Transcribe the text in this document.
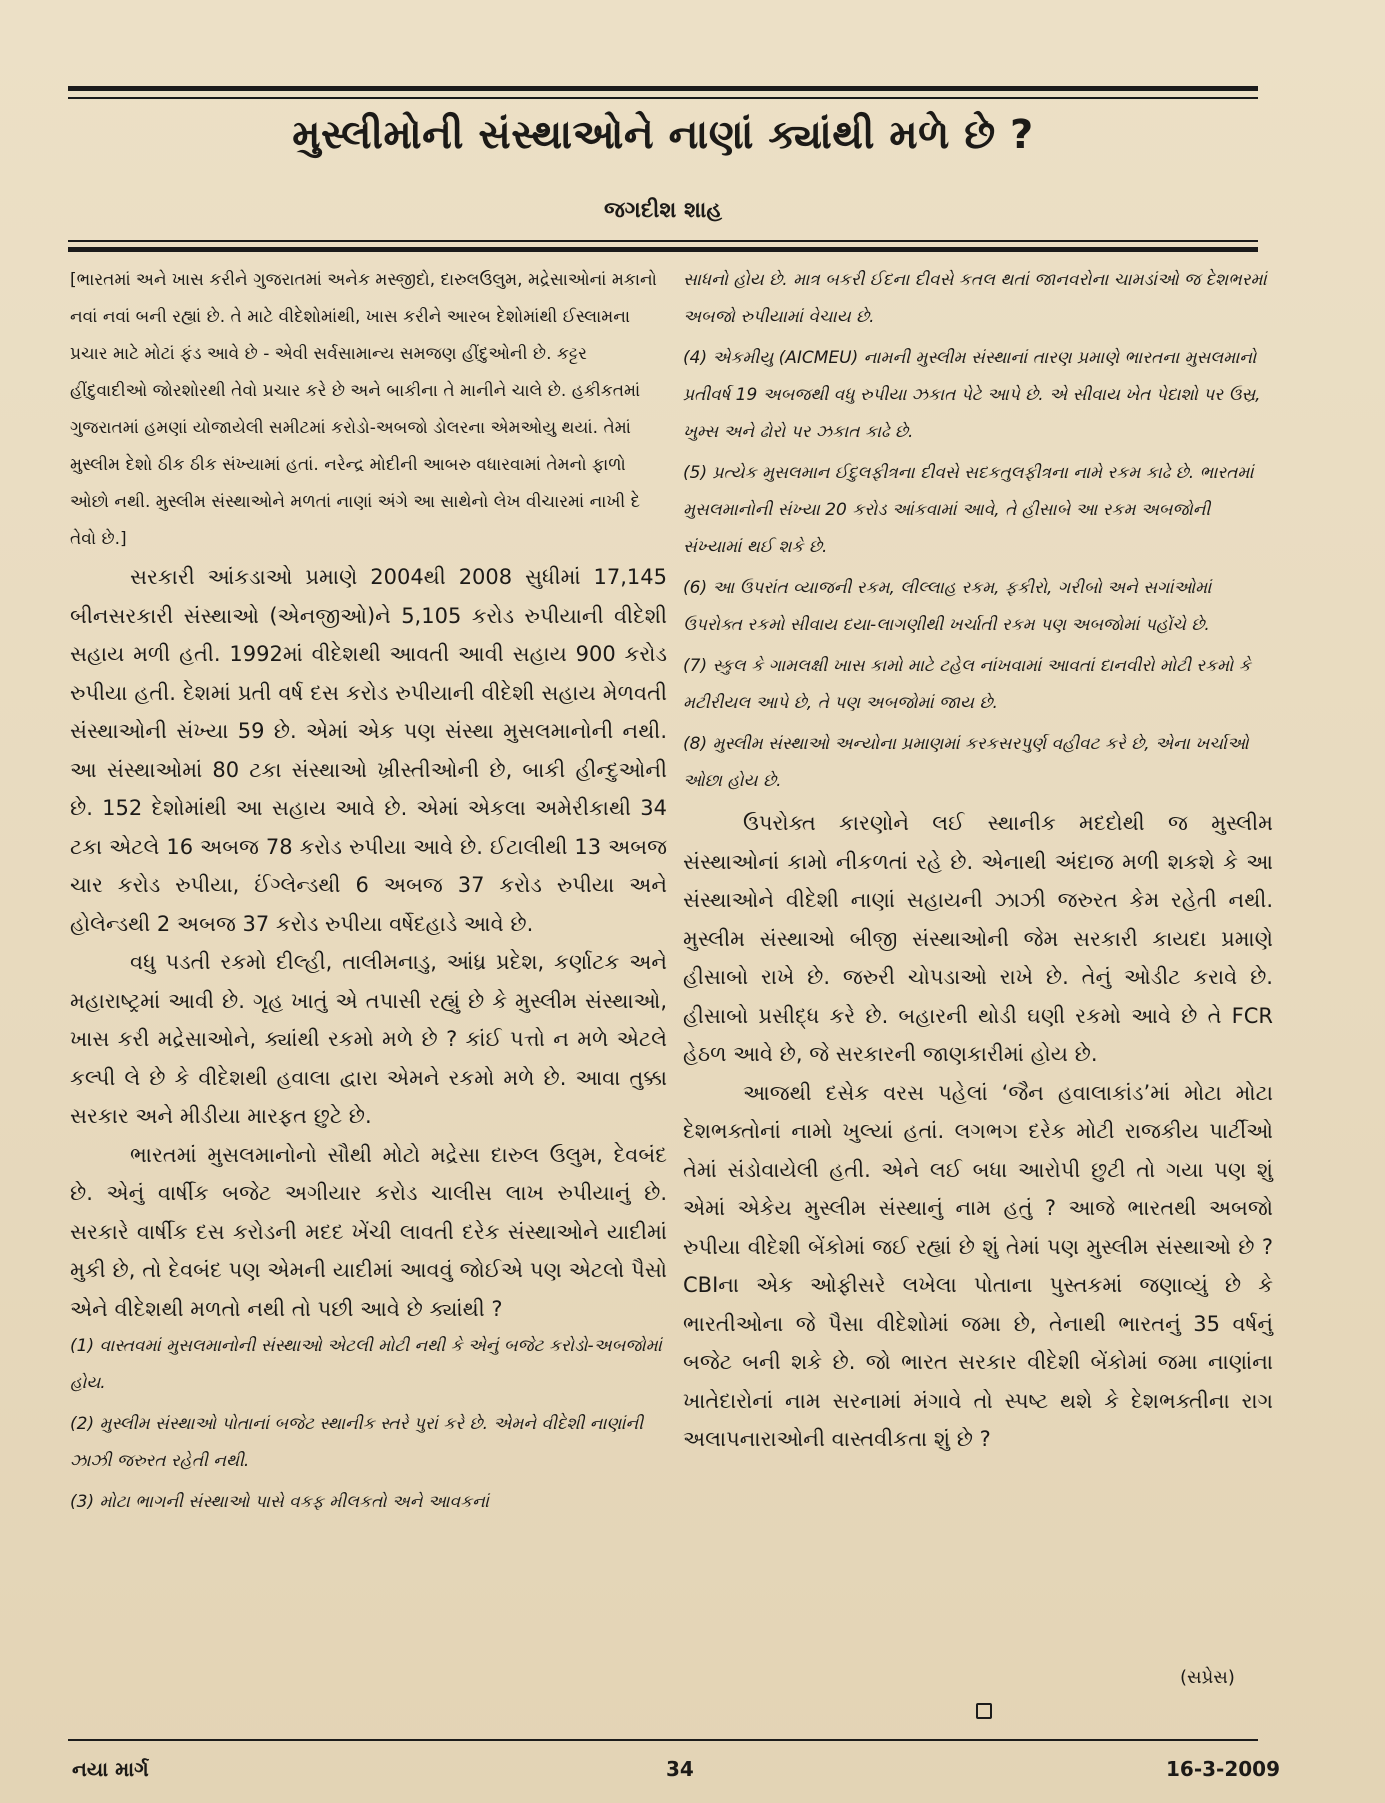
મુસ્લીમોની સંસ્થાઓને નાણાં ક્યાંથી મળે છે ?
જગદીશ શાહ

[ભારતમાં અને ખાસ કરીને ગુજરાતમાં અનેક મસ્જીદો, દારુલઉલુમ, મદ્રેસાઓનાં મકાનો નવાં નવાં બની રહ્યાં છે. તે માટે વીદેશોમાંથી, ખાસ કરીને આરબ દેશોમાંથી ઈસ્લામના પ્રચાર માટે મોટાં ફંડ આવે છે - એવી સર્વસામાન્ય સમજણ હીંદુઓની છે. કટ્ટર હીંદુવાદીઓ જોરશોરથી તેવો પ્રચાર કરે છે અને બાકીના તે માનીને ચાલે છે. હકીકતમાં ગુજરાતમાં હમણાં યોજાયેલી સમીટમાં કરોડો-અબજો ડોલરના એમઓયુ થયાં. તેમાં મુસ્લીમ દેશો ઠીક ઠીક સંખ્યામાં હતાં. નરેન્દ્ર મોદીની આબરુ વધારવામાં તેમનો ફાળો ઓછો નથી. મુસ્લીમ સંસ્થાઓને મળતાં નાણાં અંગે આ સાથેનો લેખ વીચારમાં નાખી દે તેવો છે.]

સરકારી આંકડાઓ પ્રમાણે 2004થી 2008 સુધીમાં 17,145 બીનસરકારી સંસ્થાઓ (એનજીઓ)ને 5,105 કરોડ રુપીયાની વીદેશી સહાય મળી હતી. 1992માં વીદેશથી આવતી આવી સહાય 900 કરોડ રુપીયા હતી. દેશમાં પ્રતી વર્ષ દસ કરોડ રુપીયાની વીદેશી સહાય મેળવતી સંસ્થાઓની સંખ્યા 59 છે. એમાં એક પણ સંસ્થા મુસલમાનોની નથી. આ સંસ્થાઓમાં 80 ટકા સંસ્થાઓ ખ્રીસ્તીઓની છે, બાકી હીન્દુઓની છે. 152 દેશોમાંથી આ સહાય આવે છે. એમાં એકલા અમેરીકાથી 34 ટકા એટલે 16 અબજ 78 કરોડ રુપીયા આવે છે. ઈટાલીથી 13 અબજ ચાર કરોડ રુપીયા, ઈંગ્લેન્ડથી 6 અબજ 37 કરોડ રુપીયા અને હોલેન્ડથી 2 અબજ 37 કરોડ રુપીયા વર્ષેદહાડે આવે છે.

વધુ પડતી રકમો દીલ્હી, તાલીમનાડુ, આંધ્ર પ્રદેશ, કર્ણાટક અને મહારાષ્ટ્રમાં આવી છે. ગૃહ ખાતું એ તપાસી રહ્યું છે કે મુસ્લીમ સંસ્થાઓ, ખાસ કરી મદ્રેસાઓને, ક્યાંથી રકમો મળે છે ? કાંઈ પત્તો ન મળે એટલે કલ્પી લે છે કે વીદેશથી હવાલા દ્વારા એમને રકમો મળે છે. આવા તુક્કા સરકાર અને મીડીયા મારફત છુટે છે.

ભારતમાં મુસલમાનોનો સૌથી મોટો મદ્રેસા દારુલ ઉલુમ, દેવબંદ છે. એનું વાર્ષીક બજેટ અગીયાર કરોડ ચાલીસ લાખ રુપીયાનું છે. સરકારે વાર્ષીક દસ કરોડની મદદ ખેંચી લાવતી દરેક સંસ્થાઓને યાદીમાં મુકી છે, તો દેવબંદ પણ એમની યાદીમાં આવવું જોઈએ પણ એટલો પૈસો એને વીદેશથી મળતો નથી તો પછી આવે છે ક્યાંથી ?

(1) વાસ્તવમાં મુસલમાનોની સંસ્થાઓ એટલી મોટી નથી કે એનું બજેટ કરોડો-અબજોમાં હોય.

(2) મુસ્લીમ સંસ્થાઓ પોતાનાં બજેટ સ્થાનીક સ્તરે પુરાં કરે છે. એમને વીદેશી નાણાંની ઝાઝી જરુરત રહેતી નથી.

(3) મોટા ભાગની સંસ્થાઓ પાસે વકફ મીલકતો અને આવકનાં

સાધનો હોય છે. માત્ર બકરી ઈદના દીવસે કતલ થતાં જાનવરોના ચામડાંઓ જ દેશભરમાં અબજો રુપીયામાં વેચાય છે.

(4) એકમીયુ (AICMEU) નામની મુસ્લીમ સંસ્થાનાં તારણ પ્રમાણે ભારતના મુસલમાનો પ્રતીવર્ષ 19 અબજથી વધુ રુપીયા ઝકાત પેટે આપે છે. એ સીવાય ખેત પેદાશો પર ઉસ્ર, ખુમ્સ અને ઢોરો પર ઝકાત કાઢે છે.

(5) પ્રત્યેક મુસલમાન ઈદુલફીત્રના દીવસે સદકતુલફીત્રના નામે રકમ કાઢે છે. ભારતમાં મુસલમાનોની સંખ્યા 20 કરોડ આંકવામાં આવે, તે હીસાબે આ રકમ અબજોની સંખ્યામાં થઈ શકે છે.

(6) આ ઉપરાંત વ્યાજની રકમ, લીલ્લાહ રકમ, ફકીરો, ગરીબો અને સગાંઓમાં ઉપરોક્ત રકમો સીવાય દયા-લાગણીથી ખર્ચાતી રકમ પણ અબજોમાં પહોંચે છે.

(7) સ્કુલ કે ગામલક્ષી ખાસ કામો માટે ટહેલ નાંખવામાં આવતાં દાનવીરો મોટી રકમો કે મટીરીયલ આપે છે, તે પણ અબજોમાં જાય છે.

(8) મુસ્લીમ સંસ્થાઓ અન્યોના પ્રમાણમાં કરકસરપુર્ણ વહીવટ કરે છે, એના ખર્ચાઓ ઓછા હોય છે.

ઉપરોક્ત કારણોને લઈ સ્થાનીક મદદોથી જ મુસ્લીમ સંસ્થાઓનાં કામો નીકળતાં રહે છે. એનાથી અંદાજ મળી શકશે કે આ સંસ્થાઓને વીદેશી નાણાં સહાયની ઝાઝી જરુરત કેમ રહેતી નથી. મુસ્લીમ સંસ્થાઓ બીજી સંસ્થાઓની જેમ સરકારી કાયદા પ્રમાણે હીસાબો રાખે છે. જરુરી ચોપડાઓ રાખે છે. તેનું ઓડીટ કરાવે છે. હીસાબો પ્રસીદ્ધ કરે છે. બહારની થોડી ઘણી રકમો આવે છે તે FCR હેઠળ આવે છે, જે સરકારની જાણકારીમાં હોય છે.

આજથી દસેક વરસ પહેલાં ‘જૈન હવાલાકાંડ’માં મોટા મોટા દેશભક્તોનાં નામો ખુલ્યાં હતાં. લગભગ દરેક મોટી રાજકીય પાર્ટીઓ તેમાં સંડોવાયેલી હતી. એને લઈ બધા આરોપી છુટી તો ગયા પણ શું એમાં એકેય મુસ્લીમ સંસ્થાનું નામ હતું ? આજે ભારતથી અબજો રુપીયા વીદેશી બેંકોમાં જઈ રહ્યાં છે શું તેમાં પણ મુસ્લીમ સંસ્થાઓ છે ? CBIના એક ઓફીસરે લખેલા પોતાના પુસ્તકમાં જણાવ્યું છે કે ભારતીઓના જે પૈસા વીદેશોમાં જમા છે, તેનાથી ભારતનું 35 વર્ષનું બજેટ બની શકે છે. જો ભારત સરકાર વીદેશી બેંકોમાં જમા નાણાંના ખાતેદારોનાં નામ સરનામાં મંગાવે તો સ્પષ્ટ થશે કે દેશભક્તીના રાગ અલાપનારાઓની વાસ્તવીકતા શું છે ?

(સપ્રેસ)
નયા માર્ગ	34	16-3-2009
